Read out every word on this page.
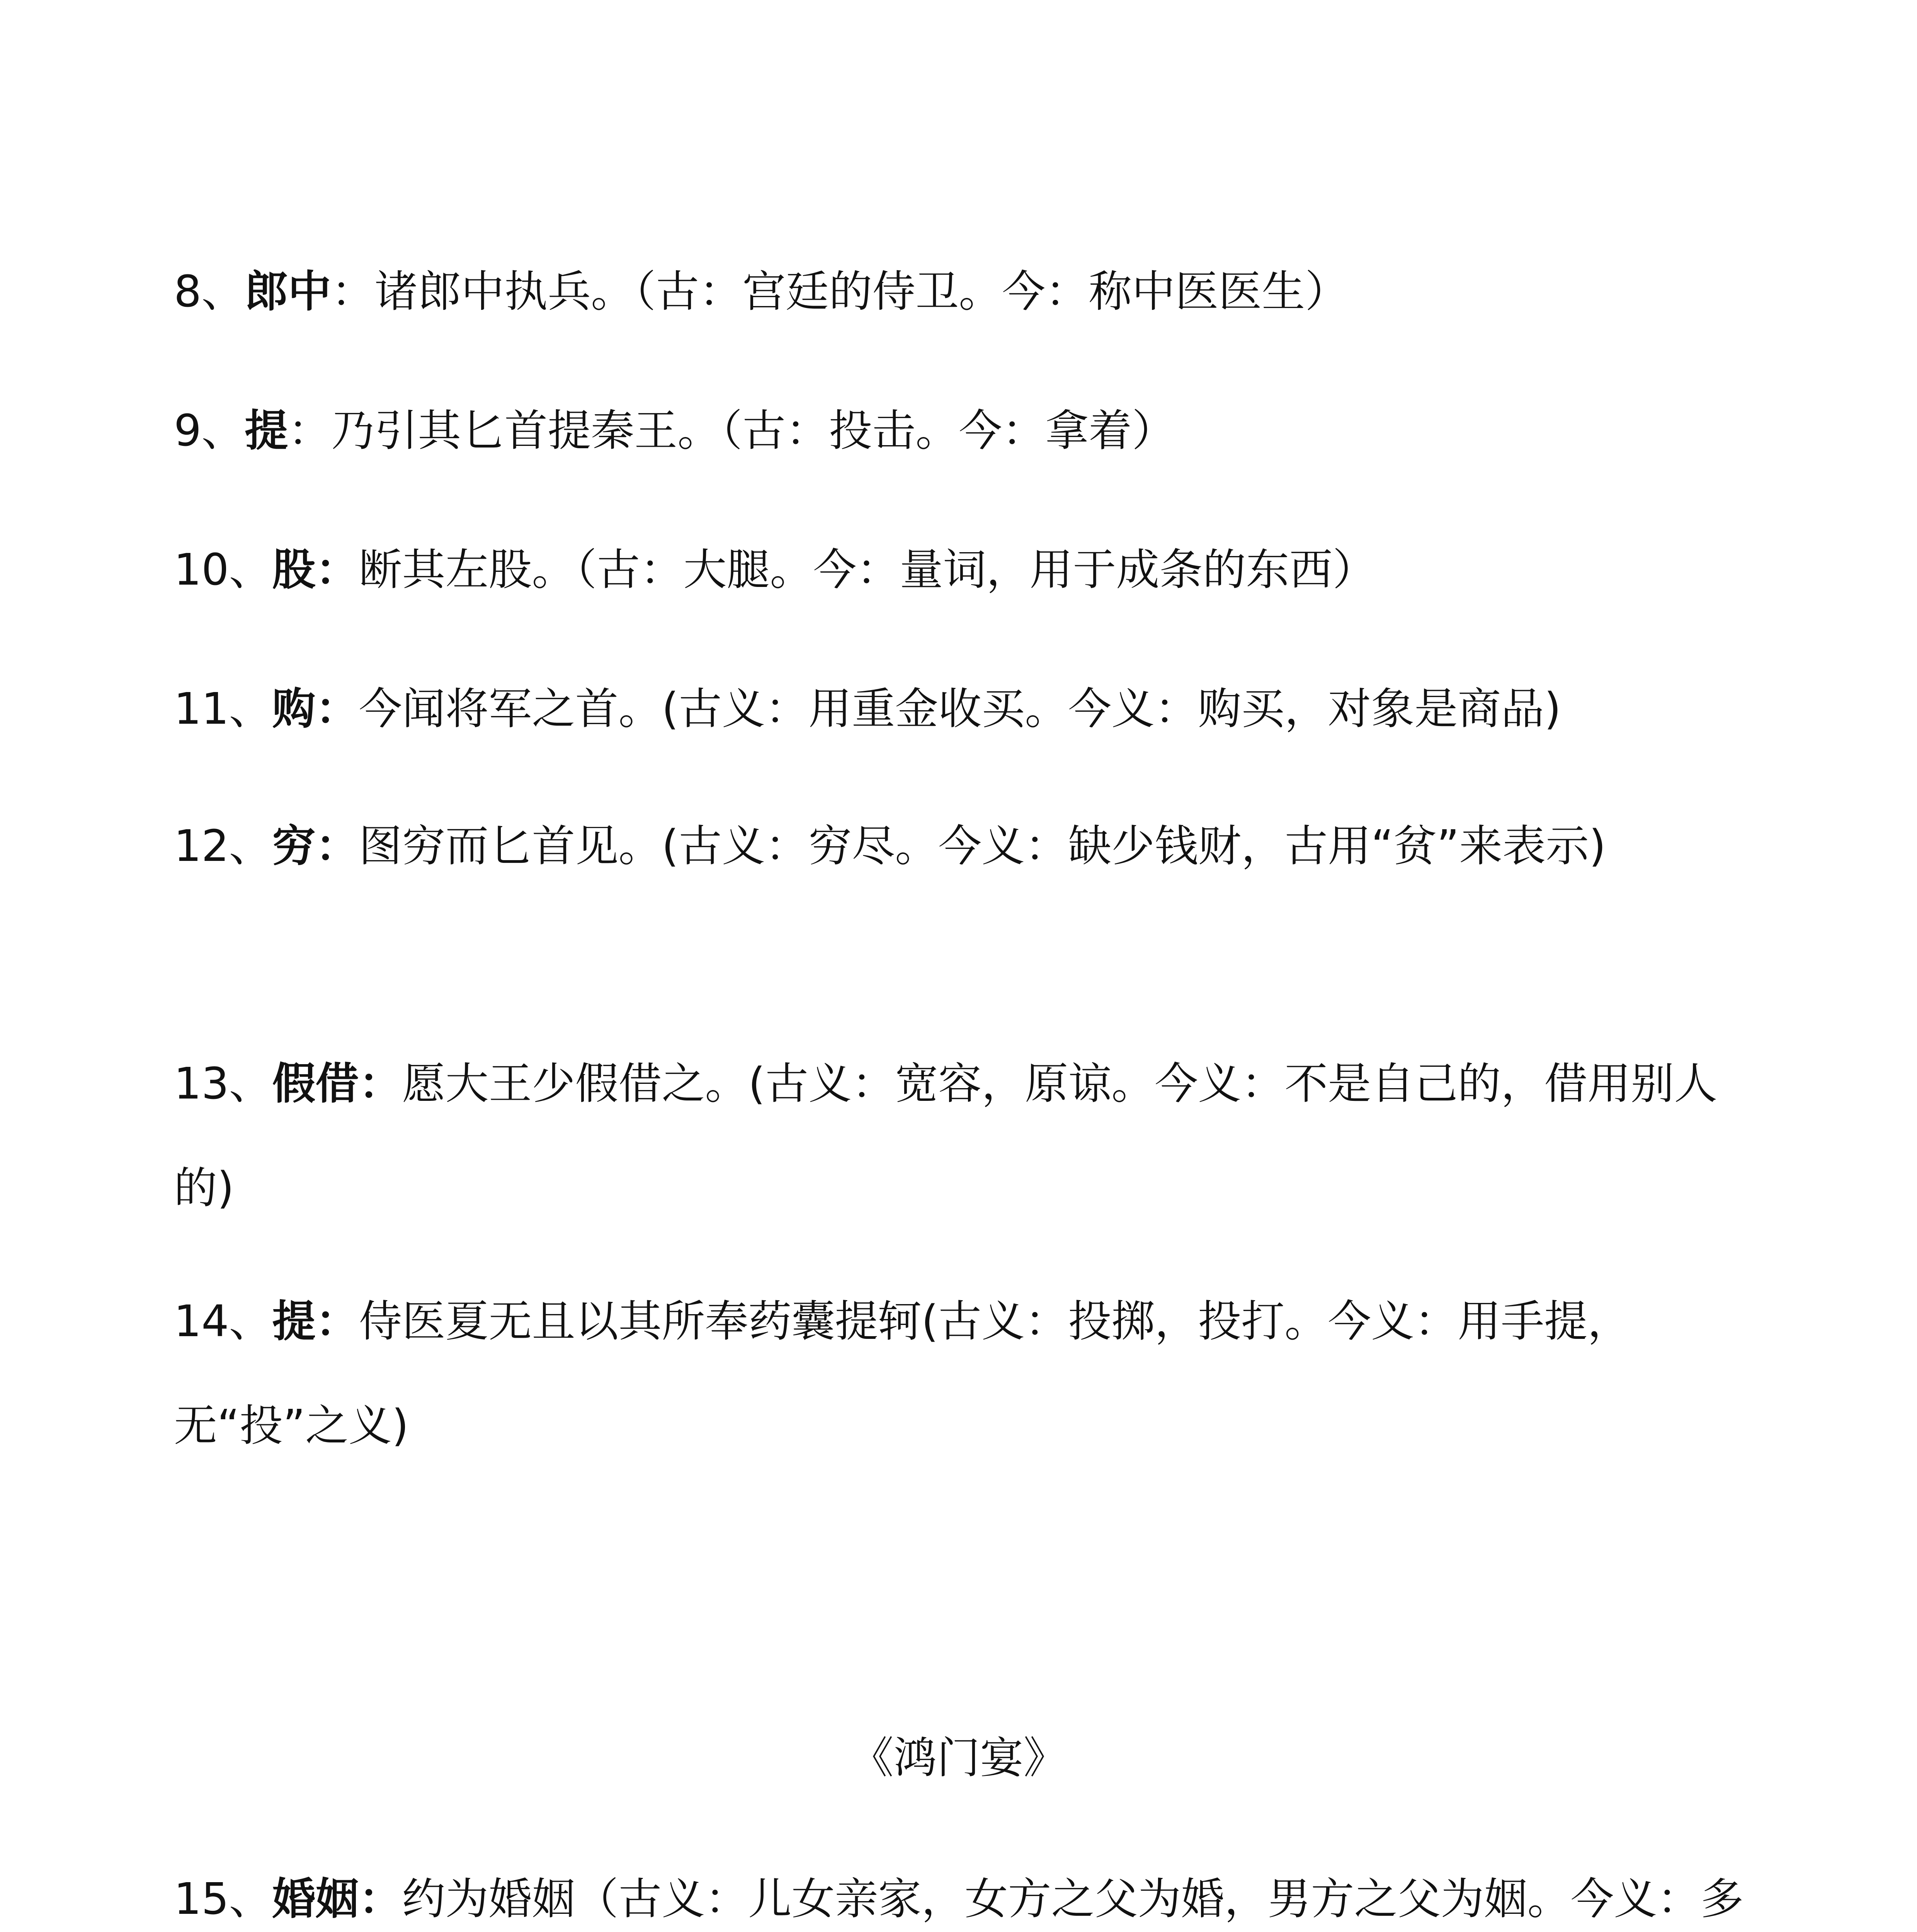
8、郎中：诸郎中执兵。（古：宫廷的侍卫。今：称中医医生）

9、提：乃引其匕首提秦王。（古：投击。今：拿着）

10、股：断其左股。（古：大腿。今：量词，用于成条的东西）

11、购：今闻将军之首。(古义：用重金收买。今义：购买，对象是商品)

12、穷：图穷而匕首见。(古义：穷尽。今义：缺少钱财，古用“贫”来表示)

13、假借：愿大王少假借之。(古义：宽容，原谅。今义：不是自己的，借用别人的)

14、提：侍医夏无且以其所奉药囊提轲(古义：投掷，投打。今义：用手提，无“投”之义)

《鸿门宴》

15、婚姻：约为婚姻（古义：儿女亲家，女方之父为婚，男方之父为姻。今义：多
